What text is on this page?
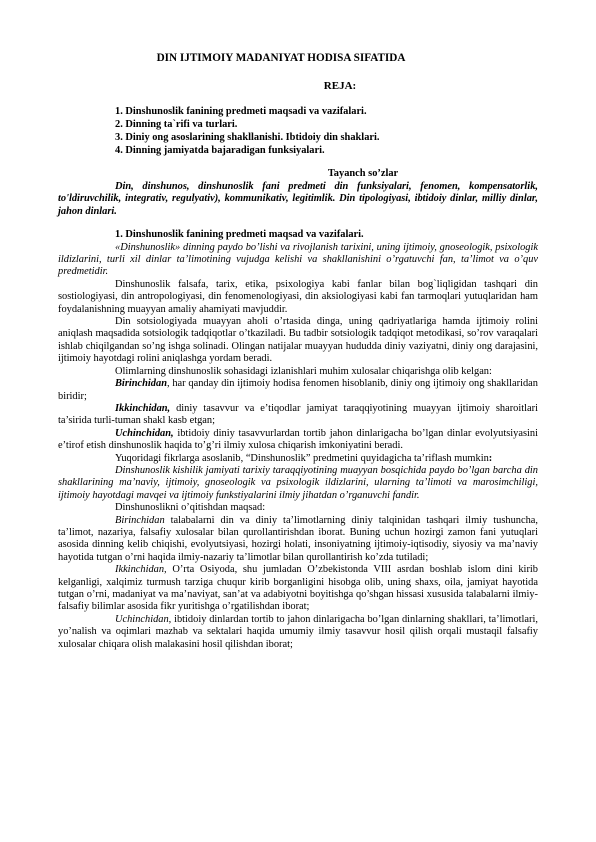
DIN IJTIMOIY MADANIYAT HODISA SIFATIDA
REJA:
1. Dinshunoslik fanining predmeti maqsadi va vazifalari.
2. Dinning ta`rifi va turlari.
3. Diniy ong asoslarining shakllanishi. Ibtidoiy din shaklari.
4. Dinning jamiyatda bajaradigan funksiyalari.
Tayanch so’zlar

Din, dinshunos, dinshunoslik fani predmeti din funksiyalari, fenomen, kompensatorlik, to'ldiruvchilik, integrativ, regulyativ), kommunikativ, legitimlik. Din tipologiyasi, ibtidoiy dinlar, milliy dinlar, jahon dinlari.

1. Dinshunoslik fanining predmeti maqsad va vazifalari.

«Dinshunoslik» dinning paydo bo’lishi va rivojlanish tarixini, uning ijtimoiy, gnoseologik, psixologik ildizlarini, turli xil dinlar ta’limotining vujudga kelishi va shakllanishini o’rgatuvchi fan, ta’limot va o’quv predmetidir.

Dinshunoslik falsafa, tarix, etika, psixologiya kabi fanlar bilan bog`liqligidan tashqari din sostiologiyasi, din antropologiyasi, din fenomenologiyasi, din aksiologiyasi kabi fan tarmoqlari yutuqlaridan ham foydalanishning muayyan amaliy ahamiyati mavjuddir.

Din sotsiologiyada muayyan aholi o’rtasida dinga, uning qadriyatlariga hamda ijtimoiy rolini aniqlash maqsadida sotsiologik tadqiqotlar o’tkaziladi. Bu tadbir sotsiologik tadqiqot metodikasi, so’rov varaqalari ishlab chiqilgandan so’ng ishga solinadi. Olingan natijalar muayyan hududda diniy vaziyatni, diniy ong darajasini, ijtimoiy hayotdagi rolini aniqlashga yordam beradi.

Olimlarning dinshunoslik sohasidagi izlanishlari muhim xulosalar chiqarishga olib kelgan:

Birinchidan, har qanday din ijtimoiy hodisa fenomen hisoblanib, diniy ong ijtimoiy ong shakllaridan biridir;

Ikkinchidan, diniy tasavvur va e’tiqodlar jamiyat taraqqiyotining muayyan ijtimoiy sharoitlari ta’sirida turli-tuman shakl kasb etgan;

Uchinchidan, ibtidoiy diniy tasavvurlardan tortib jahon dinlarigacha bo’lgan dinlar evolyutsiyasini e’tirof etish dinshunoslik haqida to’g’ri ilmiy xulosa chiqarish imkoniyatini beradi.

Yuqoridagi fikrlarga asoslanib, “Dinshunoslik” predmetini quyidagicha ta’riflash mumkin:

Dinshunoslik kishilik jamiyati tarixiy taraqqiyotining muayyan bosqichida paydo bo’lgan barcha din shakllarining ma’naviy, ijtimoiy, gnoseologik va psixologik ildizlarini, ularning ta’limoti va marosimchiligi, ijtimoiy hayotdagi mavqei va ijtimoiy funkstiyalarini ilmiy jihatdan o’rganuvchi fandir.

Dinshunoslikni o’qitishdan maqsad:

Birinchidan talabalarni din va diniy ta’limotlarning diniy talqinidan tashqari ilmiy tushuncha, ta’limot, nazariya, falsafiy xulosalar bilan qurollantirishdan iborat. Buning uchun hozirgi zamon fani yutuqlari asosida dinning kelib chiqishi, evolyutsiyasi, hozirgi holati, insoniyatning ijtimoiy-iqtisodiy, siyosiy va ma’naviy hayotida tutgan o’rni haqida ilmiy-nazariy ta’limotlar bilan qurollantirish ko’zda tutiladi;

Ikkinchidan, O’rta Osiyoda, shu jumladan O’zbekistonda VIII asrdan boshlab islom dini kirib kelganligi, xalqimiz turmush tarziga chuqur kirib borganligini hisobga olib, uning shaxs, oila, jamiyat hayotida tutgan o’rni, madaniyat va ma’naviyat, san’at va adabiyotni boyitishga qo’shgan hissasi xususida talabalarni ilmiy-falsafiy bilimlar asosida fikr yuritishga o’rgatilishdan iborat;

Uchinchidan, ibtidoiy dinlardan tortib to jahon dinlarigacha bo’lgan dinlarning shakllari, ta’limotlari, yo’nalish va oqimlari mazhab va sektalari haqida umumiy ilmiy tasavvur hosil qilish orqali mustaqil falsafiy xulosalar chiqara olish malakasini hosil qilishdan iborat;
